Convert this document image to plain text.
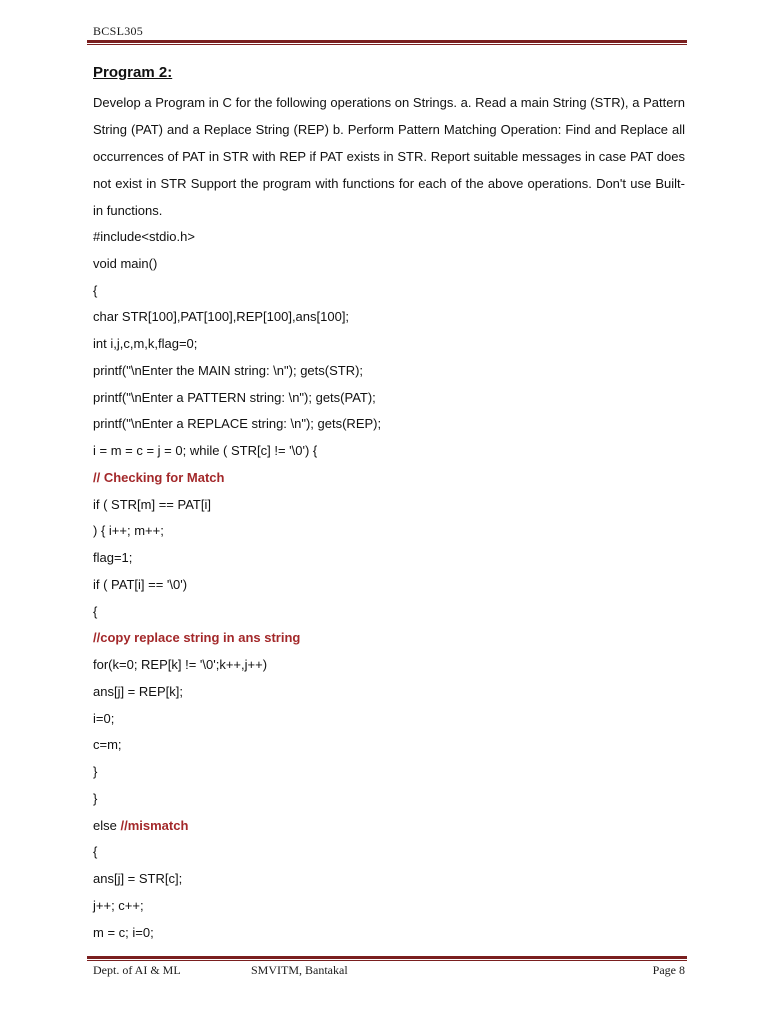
BCSL305
Program 2:
Develop a Program in C for the following operations on Strings. a. Read a main String (STR), a Pattern String (PAT) and a Replace String (REP) b. Perform Pattern Matching Operation: Find and Replace all occurrences of PAT in STR with REP if PAT exists in STR. Report suitable messages in case PAT does not exist in STR Support the program with functions for each of the above operations. Don't use Built-in functions.
#include<stdio.h>
void main()
{
char STR[100],PAT[100],REP[100],ans[100];
int i,j,c,m,k,flag=0;
printf("\nEnter the MAIN string: \n"); gets(STR);
printf("\nEnter a PATTERN string: \n"); gets(PAT);
printf("\nEnter a REPLACE string: \n"); gets(REP);
i = m = c = j = 0; while ( STR[c] != '\0') {
// Checking for Match
if ( STR[m] == PAT[i]
) { i++; m++;
flag=1;
if ( PAT[i] == '\0')
{
//copy replace string in ans string
for(k=0; REP[k] != '\0';k++,j++)
ans[j] = REP[k];
i=0;
c=m;
}
}
else //mismatch
{
ans[j] = STR[c];
j++; c++;
m = c; i=0;
Dept. of AI & ML	SMVITM, Bantakal	Page 8
